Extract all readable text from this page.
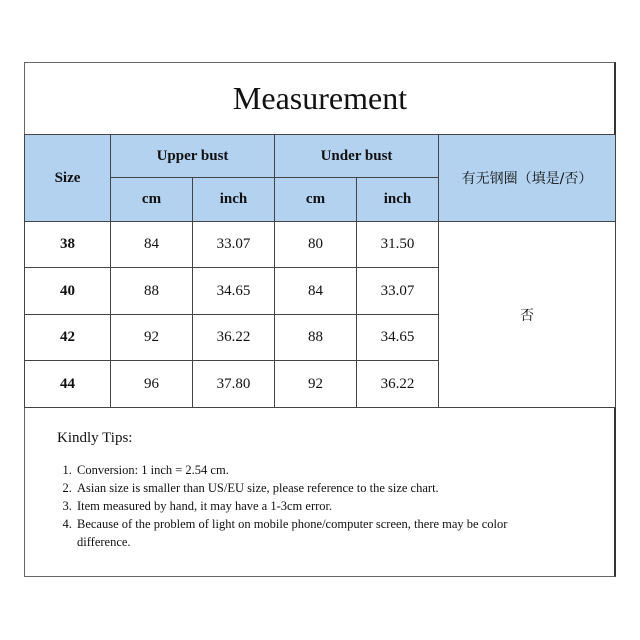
Measurement
Size
Upper bust	Under bust
有无钢圈（填是/否）
cm	inch	cm	inch
38	84	33.07	80	31.50
40	88	34.65	84	33.07
42	92	36.22	88	34.65
44	96	37.80	92	36.22
否
Kindly Tips:
1. Conversion: 1 inch = 2.54 cm.
2. Asian size is smaller than US/EU size, please reference to the size chart.
3. Item measured by hand, it may have a 1-3cm error.
4. Because of the problem of light on mobile phone/computer screen, there may be color difference.
